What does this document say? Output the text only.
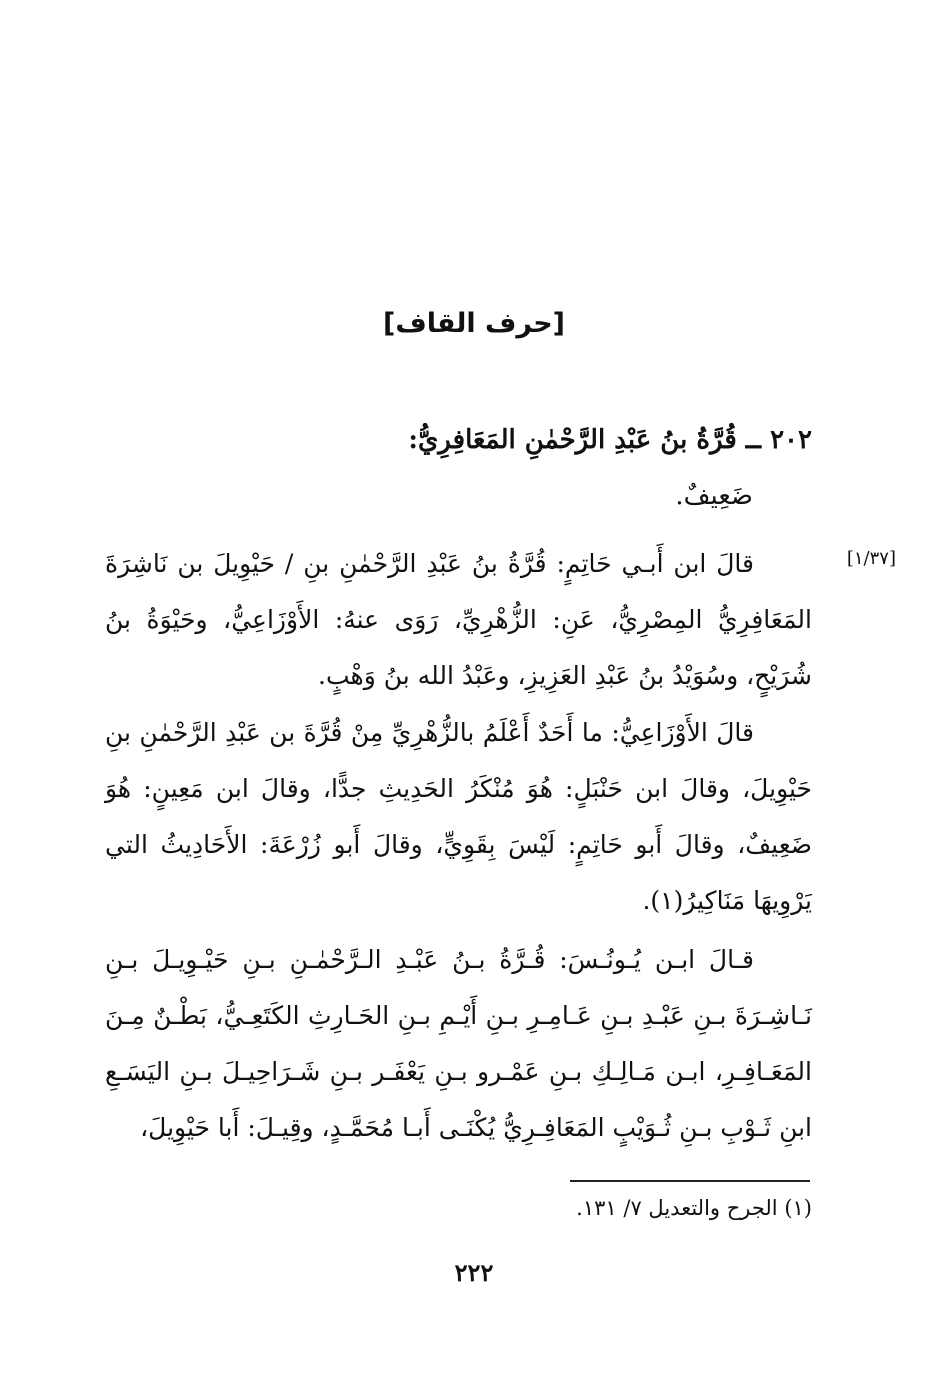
[حرف القاف]
٢٠٢ ــ قُرَّةُ بنُ عَبْدِ الرَّحْمٰنِ المَعَافِرِيُّ:
ضَعِيفٌ.
[١/٣٧]

قالَ ابن أَبـي حَاتِمٍ: قُرَّةُ بنُ عَبْدِ الرَّحْمٰنِ بنِ / حَيْوِيلَ بن نَاشِرَةَ المَعَافِرِيُّ المِصْرِيُّ، عَنِ: الزُّهْرِيِّ، رَوَى عنهُ: الأَوْزَاعِيُّ، وحَيْوَةُ بنُ شُرَيْحٍ، وسُوَيْدُ بنُ عَبْدِ العَزِيزِ، وعَبْدُ الله بنُ وَهْبٍ.

قالَ الأَوْزَاعِيُّ: ما أَحَدٌ أَعْلَمُ بالزُّهْرِيِّ مِنْ قُرَّةَ بن عَبْدِ الرَّحْمٰنِ بنِ حَيْوِيلَ، وقالَ ابن حَنْبَلٍ: هُوَ مُنْكَرُ الحَدِيثِ جدًّا، وقالَ ابن مَعِينٍ: هُوَ ضَعِيفٌ، وقالَ أَبو حَاتِمٍ: لَيْسَ بِقَوِيٍّ، وقالَ أَبو زُرْعَةَ: الأَحَادِيثُ التي يَرْوِيهَا مَنَاكِيرُ(١).

قـالَ ابـن يُـونُـسَ: قُـرَّةُ بـنُ عَبْـدِ الـرَّحْمٰـنِ بـنِ حَيْـوِيـلَ بـنِ نَـاشِـرَةَ بـنِ عَبْـدِ بـنِ عَـامِـرِ بـنِ أَيْـمِ بـنِ الحَـارِثِ الكَتَعِـيُّ، بَطْـنٌ مِـنَ المَعَـافِـرِ، ابـن مَـالِـكِ بـنِ عَمْـرو بـنِ يَعْفَـر بـنِ شَـرَاحِيـلَ بـنِ اليَسَـعِ ابنِ ثَـوْبِ بـنِ ثُـوَيْبٍ المَعَافِـرِيُّ يُكْنَـى أَبـا مُحَمَّـدٍ، وقِيـلَ: أَبا حَيْوِيلَ،

(١) الجرح والتعديل ٧/ ١٣١.
٢٢٢
